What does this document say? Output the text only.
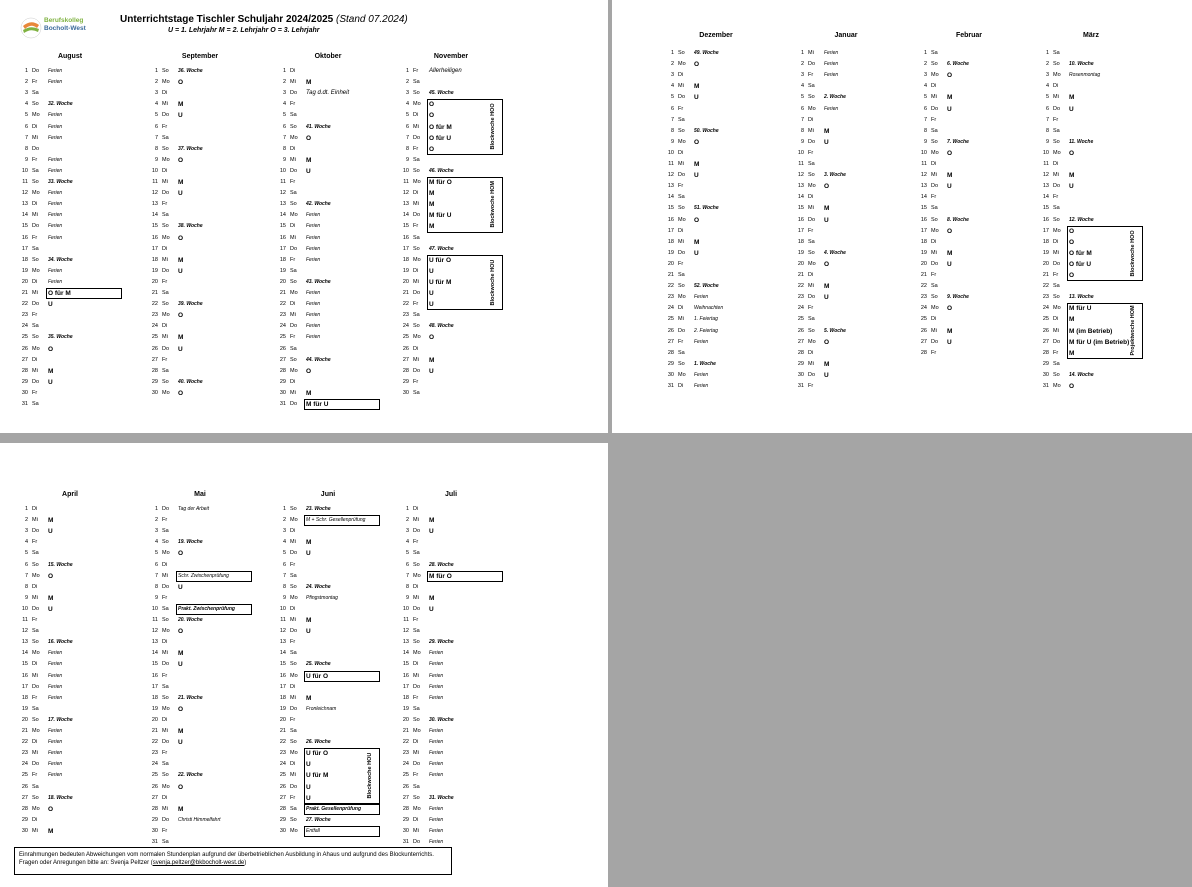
Berufskolleg
Bocholt-West
Unterrichtstage Tischler Schuljahr 2024/2025 (Stand 07.2024)
U = 1. Lehrjahr M = 2. Lehrjahr O = 3. Lehrjahr
August
1 Do Ferien
2 Fr Ferien
3 Sa
4 So 32. Woche
5 Mo Ferien
6 Di Ferien
7 Mi Ferien
8 Do
9 Fr Ferien
10 Sa Ferien
11 So 33. Woche
12 Mo Ferien
13 Di Ferien
14 Mi Ferien
15 Do Ferien
16 Fr Ferien
17 Sa
18 So 34. Woche
19 Mo Ferien
20 Di Ferien
21 Mi O für M
22 Do U
23 Fr
24 Sa
25 So 35. Woche
26 Mo O
27 Di
28 Mi M
29 Do U
30 Fr
31 Sa
September
1 So 36. Woche
2 Mo O
3 Di
4 Mi M
5 Do U
6 Fr
7 Sa
8 So 37. Woche
9 Mo O
10 Di
11 Mi M
12 Do U
13 Fr
14 Sa
15 So 38. Woche
16 Mo O
17 Di
18 Mi M
19 Do U
20 Fr
21 Sa
22 So 39. Woche
23 Mo O
24 Di
25 Mi M
26 Do U
27 Fr
28 Sa
29 So 40. Woche
30 Mo O
Oktober
1 Di
2 Mi M
3 Do Tag d.dt. Einheit
4 Fr
5 Sa
6 So 41. Woche
7 Mo O
8 Di
9 Mi M
10 Do U
11 Fr
12 Sa
13 So 42. Woche
14 Mo Ferien
15 Di Ferien
16 Mi Ferien
17 Do Ferien
18 Fr Ferien
19 Sa
20 So 43. Woche
21 Mo Ferien
22 Di Ferien
23 Mi Ferien
24 Do Ferien
25 Fr Ferien
26 Sa
27 So 44. Woche
28 Mo O
29 Di
30 Mi M
31 Do M für U
November
1 Fr Allerheiligen
2 Sa
3 So 45. Woche
4 Mo O
5 Di O
6 Mi O für M
7 Do O für U
8 Fr O
9 Sa
10 So 46. Woche
11 Mo M für O
12 Di M
13 Mi M
14 Do M für U
15 Fr M
16 Sa
17 So 47. Woche
18 Mo U für O
19 Di U
20 Mi U für M
21 Do U
22 Fr U
23 Sa
24 So 48. Woche
25 Mo O
26 Di
27 Mi M
28 Do U
29 Fr
30 Sa
Blockwoche HOO
Blockwoche HOM
Blockwoche HOU
Dezember
1 So 49. Woche
2 Mo O
3 Di
4 Mi M
5 Do U
6 Fr
7 Sa
8 So 50. Woche
9 Mo O
10 Di
11 Mi M
12 Do U
13 Fr
14 Sa
15 So 51. Woche
16 Mo O
17 Di
18 Mi M
19 Do U
20 Fr
21 Sa
22 So 52. Woche
23 Mo Ferien
24 Di Weihnachten
25 Mi 1. Feiertag
26 Do 2. Feiertag
27 Fr Ferien
28 Sa
29 So 1. Woche
30 Mo Ferien
31 Di Ferien
Januar
1 Mi Ferien
2 Do Ferien
3 Fr Ferien
4 Sa
5 So 2. Woche
6 Mo Ferien
7 Di
8 Mi M
9 Do U
10 Fr
11 Sa
12 So 3. Woche
13 Mo O
14 Di
15 Mi M
16 Do U
17 Fr
18 Sa
19 So 4. Woche
20 Mo O
21 Di
22 Mi M
23 Do U
24 Fr
25 Sa
26 So 5. Woche
27 Mo O
28 Di
29 Mi M
30 Do U
31 Fr
Februar
1 Sa
2 So 6. Woche
3 Mo O
4 Di
5 Mi M
6 Do U
7 Fr
8 Sa
9 So 7. Woche
10 Mo O
11 Di
12 Mi M
13 Do U
14 Fr
15 Sa
16 So 8. Woche
17 Mo O
18 Di
19 Mi M
20 Do U
21 Fr
22 Sa
23 So 9. Woche
24 Mo O
25 Di
26 Mi M
27 Do U
28 Fr
März
1 Sa
2 So 10. Woche
3 Mo Rosenmontag
4 Di
5 Mi M
6 Do U
7 Fr
8 Sa
9 So 11. Woche
10 Mo O
11 Di
12 Mi M
13 Do U
14 Fr
15 Sa
16 So 12. Woche
17 Mo O
18 Di O
19 Mi O für M
20 Do O für U
21 Fr O
22 Sa
23 So 13. Woche
24 Mo M für U
25 Di M
26 Mi M (im Betrieb)
27 Do M für U (im Betrieb)
28 Fr M
29 Sa
30 So 14. Woche
31 Mo O
Blockwoche HOO
Projektwoche HOM
Einrahmungen bedeuten Abweichungen vom normalen Stundenplan aufgrund der überbetrieblichen Ausbildung in Ahaus und aufgrund des Blockunterrichts. Fragen oder Anregungen bitte an: Svenja Peltzer (svenja.peltzer@bkbocholt-west.de)
April
1 Di
2 Mi M
3 Do U
4 Fr
5 Sa
6 So 15. Woche
7 Mo O
8 Di
9 Mi M
10 Do U
11 Fr
12 Sa
13 So 16. Woche
14 Mo Ferien
15 Di Ferien
16 Mi Ferien
17 Do Ferien
18 Fr Ferien
19 Sa
20 So 17. Woche
21 Mo Ferien
22 Di Ferien
23 Mi Ferien
24 Do Ferien
25 Fr Ferien
26 Sa
27 So 18. Woche
28 Mo O
29 Di
30 Mi M
Mai
1 Do Tag der Arbeit
2 Fr
3 Sa
4 So 19. Woche
5 Mo O
6 Di
7 Mi Schr. Zwischenprüfung
8 Do U
9 Fr
10 Sa Prakt. Zwischenprüfung
11 So 20. Woche
12 Mo O
13 Di
14 Mi M
15 Do U
16 Fr
17 Sa
18 So 21. Woche
19 Mo O
20 Di
21 Mi M
22 Do U
23 Fr
24 Sa
25 So 22. Woche
26 Mo O
27 Di
28 Mi M
29 Do Christi Himmelfahrt
30 Fr
31 Sa
Juni
1 So 23. Woche
2 Mo M + Schr. Gesellenprüfung
3 Di
4 Mi M
5 Do U
6 Fr
7 Sa
8 So 24. Woche
9 Mo Pfingstmontag
10 Di
11 Mi M
12 Do U
13 Fr
14 Sa
15 So 25. Woche
16 Mo U für O
17 Di
18 Mi M
19 Do Fronleichnam
20 Fr
21 Sa
22 So 26. Woche
23 Mo U für O
24 Di U
25 Mi U für M
26 Do U
27 Fr U
28 Sa Prakt. Gesellenprüfung
29 So 27. Woche
30 Mo Entfall
Juli
1 Di
2 Mi M
3 Do U
4 Fr
5 Sa
6 So 28. Woche
7 Mo M für O
8 Di
9 Mi M
10 Do U
11 Fr
12 Sa
13 So 29. Woche
14 Mo Ferien
15 Di Ferien
16 Mi Ferien
17 Do Ferien
18 Fr Ferien
19 Sa
20 So 30. Woche
21 Mo Ferien
22 Di Ferien
23 Mi Ferien
24 Do Ferien
25 Fr Ferien
26 Sa
27 So 31. Woche
28 Mo Ferien
29 Di Ferien
30 Mi Ferien
31 Do Ferien
Blockwoche HOU
